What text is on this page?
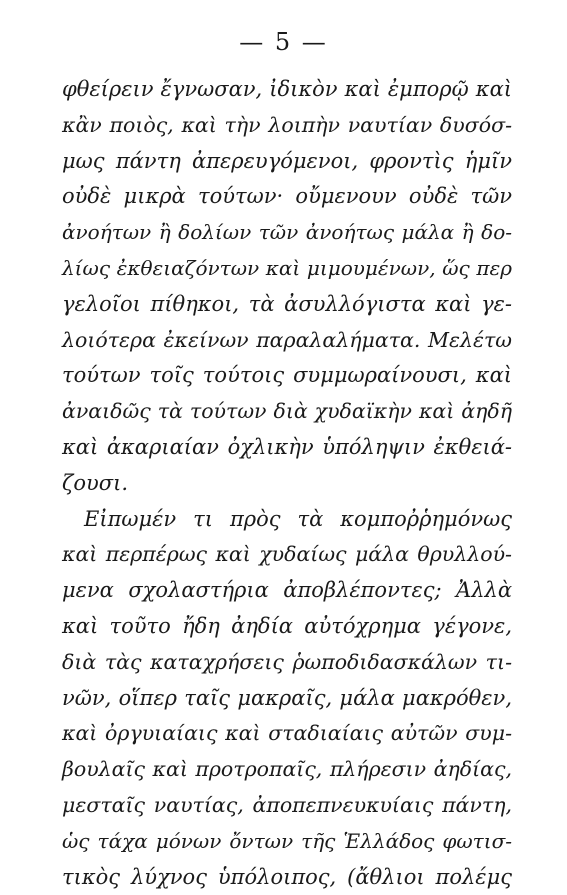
— 5 —
φθείρειν ἔγνωσαν, ἰδικὸν καὶ ἐμπορῷ καὶ
κἂν ποιὸς, καὶ τὴν λοιπὴν ναυτίαν δυσόσ-
μως πάντη ἀπερευγόμενοι, φροντὶς ἡμῖν
οὐδὲ μικρὰ τούτων· οὔμενουν οὐδὲ τῶν
ἀνοήτων ἢ δολίων τῶν ἀνοήτως μάλα ἢ δο-
λίως ἐκθειαζόντων καὶ μιμουμένων, ὥς περ
γελοῖοι πίθηκοι, τὰ ἀσυλλόγιστα καὶ γε-
λοιότερα ἐκείνων παραλαλήματα. Μελέτω
τούτων τοῖς τούτοις συμμωραίνουσι, καὶ
ἀναιδῶς τὰ τούτων διὰ χυδαϊκὴν καὶ ἀηδῆ
καὶ ἀκαριαίαν ὀχλικὴν ὑπόληψιν ἐκθειά-
ζουσι.
Εἰπωμέν τι πρὸς τὰ κομποῤῥημόνως
καὶ περπέρως καὶ χυδαίως μάλα θρυλλού-
μενα σχολαστήρια ἀποβλέποντες; Ἀλλὰ
καὶ τοῦτο ἤδη ἀηδία αὐτόχρημα γέγονε,
διὰ τὰς καταχρήσεις ῥωποδιδασκάλων τι-
νῶν, οἵπερ ταῖς μακραῖς, μάλα μακρόθεν,
καὶ ὀργυιαίαις καὶ σταδιαίαις αὐτῶν συμ-
βουλαῖς καὶ προτροπαῖς, πλήρεσιν ἀηδίας,
μεσταῖς ναυτίας, ἀποπεπνευκυίαις πάντη,
ὡς τάχα μόνων ὄντων τῆς Ἑλλάδος φωτισ-
τικὸς λύχνος ὑπόλοιπος, (ἄθλιοι πολέμς
